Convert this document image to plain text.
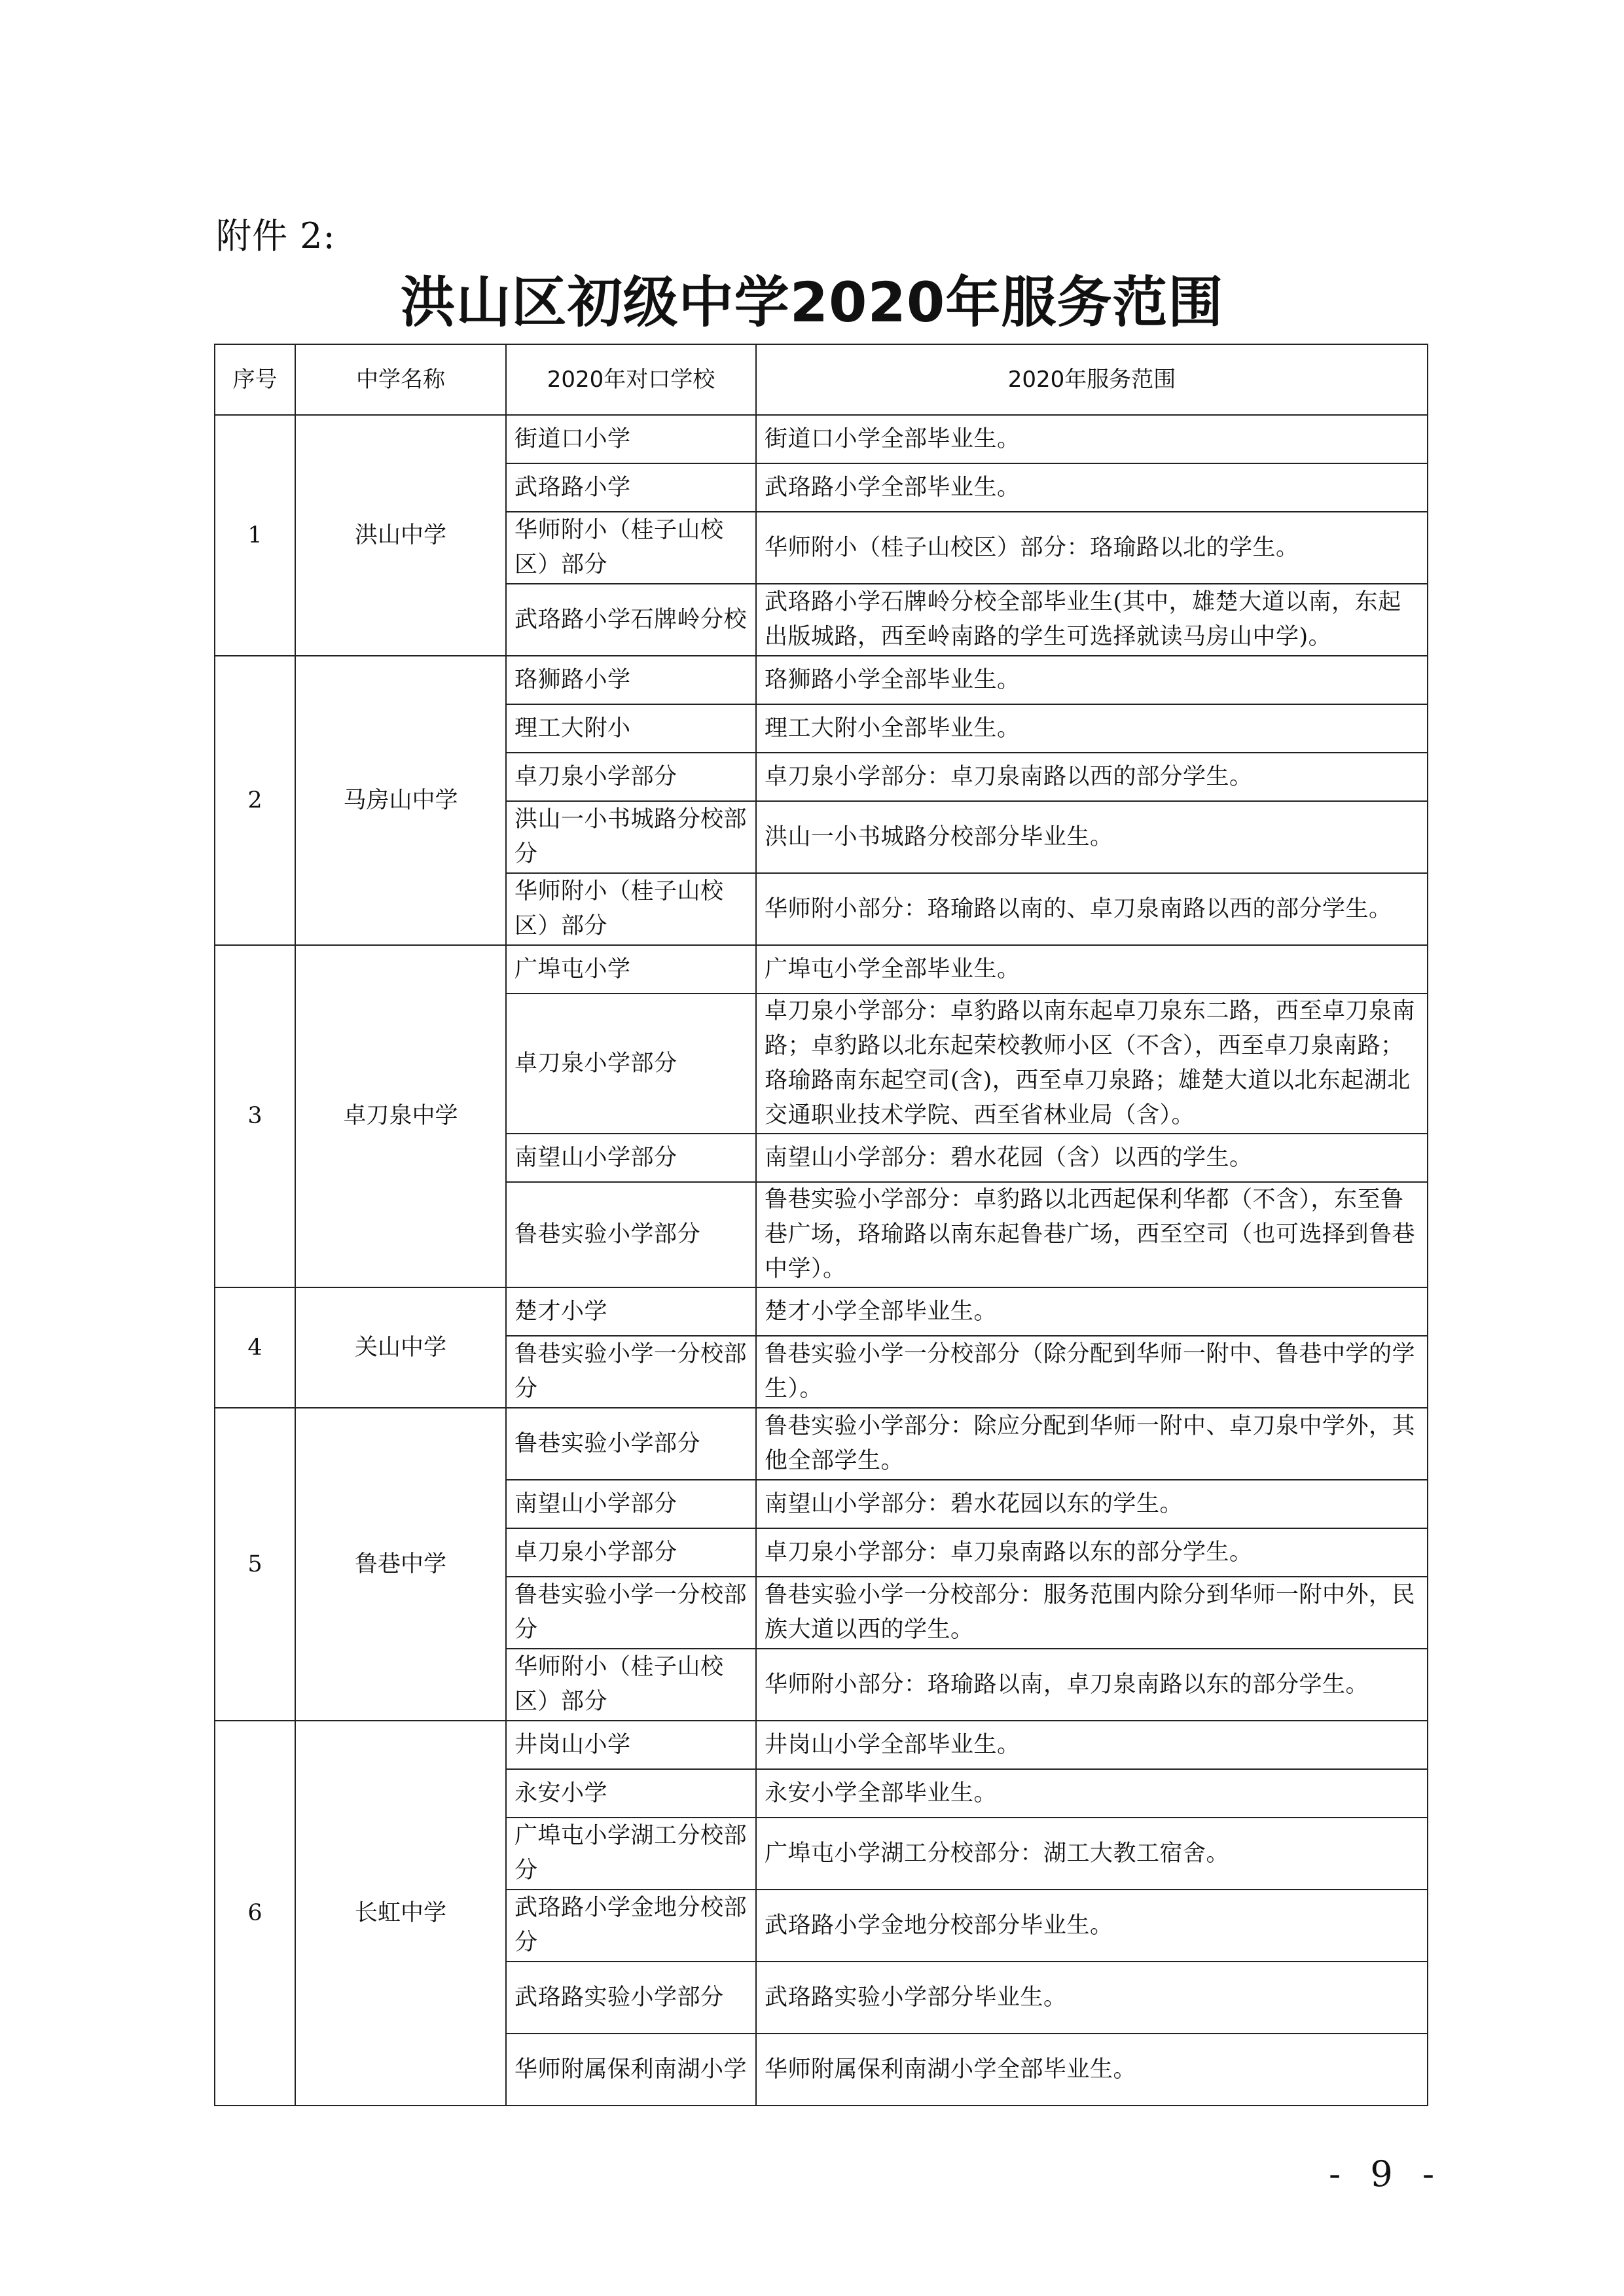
附件 2:
洪山区初级中学2020年服务范围
序号	中学名称	2020年对口学校	2020年服务范围
1	洪山中学	街道口小学	街道口小学全部毕业生。
		武珞路小学	武珞路小学全部毕业生。
		华师附小（桂子山校区）部分	华师附小（桂子山校区）部分：珞瑜路以北的学生。
		武珞路小学石牌岭分校	武珞路小学石牌岭分校全部毕业生(其中，雄楚大道以南，东起出版城路，西至岭南路的学生可选择就读马房山中学)。
2	马房山中学	珞狮路小学	珞狮路小学全部毕业生。
		理工大附小	理工大附小全部毕业生。
		卓刀泉小学部分	卓刀泉小学部分：卓刀泉南路以西的部分学生。
		洪山一小书城路分校部分	洪山一小书城路分校部分毕业生。
		华师附小（桂子山校区）部分	华师附小部分：珞瑜路以南的、卓刀泉南路以西的部分学生。
3	卓刀泉中学	广埠屯小学	广埠屯小学全部毕业生。
		卓刀泉小学部分	卓刀泉小学部分：卓豹路以南东起卓刀泉东二路，西至卓刀泉南路；卓豹路以北东起荣校教师小区（不含），西至卓刀泉南路；珞瑜路南东起空司(含)，西至卓刀泉路；雄楚大道以北东起湖北交通职业技术学院、西至省林业局（含）。
		南望山小学部分	南望山小学部分：碧水花园（含）以西的学生。
		鲁巷实验小学部分	鲁巷实验小学部分：卓豹路以北西起保利华都（不含），东至鲁巷广场，珞瑜路以南东起鲁巷广场，西至空司（也可选择到鲁巷中学）。
4	关山中学	楚才小学	楚才小学全部毕业生。
		鲁巷实验小学一分校部分	鲁巷实验小学一分校部分（除分配到华师一附中、鲁巷中学的学生）。
5	鲁巷中学	鲁巷实验小学部分	鲁巷实验小学部分：除应分配到华师一附中、卓刀泉中学外，其他全部学生。
		南望山小学部分	南望山小学部分：碧水花园以东的学生。
		卓刀泉小学部分	卓刀泉小学部分：卓刀泉南路以东的部分学生。
		鲁巷实验小学一分校部分	鲁巷实验小学一分校部分：服务范围内除分到华师一附中外，民族大道以西的学生。
		华师附小（桂子山校区）部分	华师附小部分：珞瑜路以南，卓刀泉南路以东的部分学生。
6	长虹中学	井岗山小学	井岗山小学全部毕业生。
		永安小学	永安小学全部毕业生。
		广埠屯小学湖工分校部分	广埠屯小学湖工分校部分：湖工大教工宿舍。
		武珞路小学金地分校部分	武珞路小学金地分校部分毕业生。
		武珞路实验小学部分	武珞路实验小学部分毕业生。
		华师附属保利南湖小学	华师附属保利南湖小学全部毕业生。
- 9 -
